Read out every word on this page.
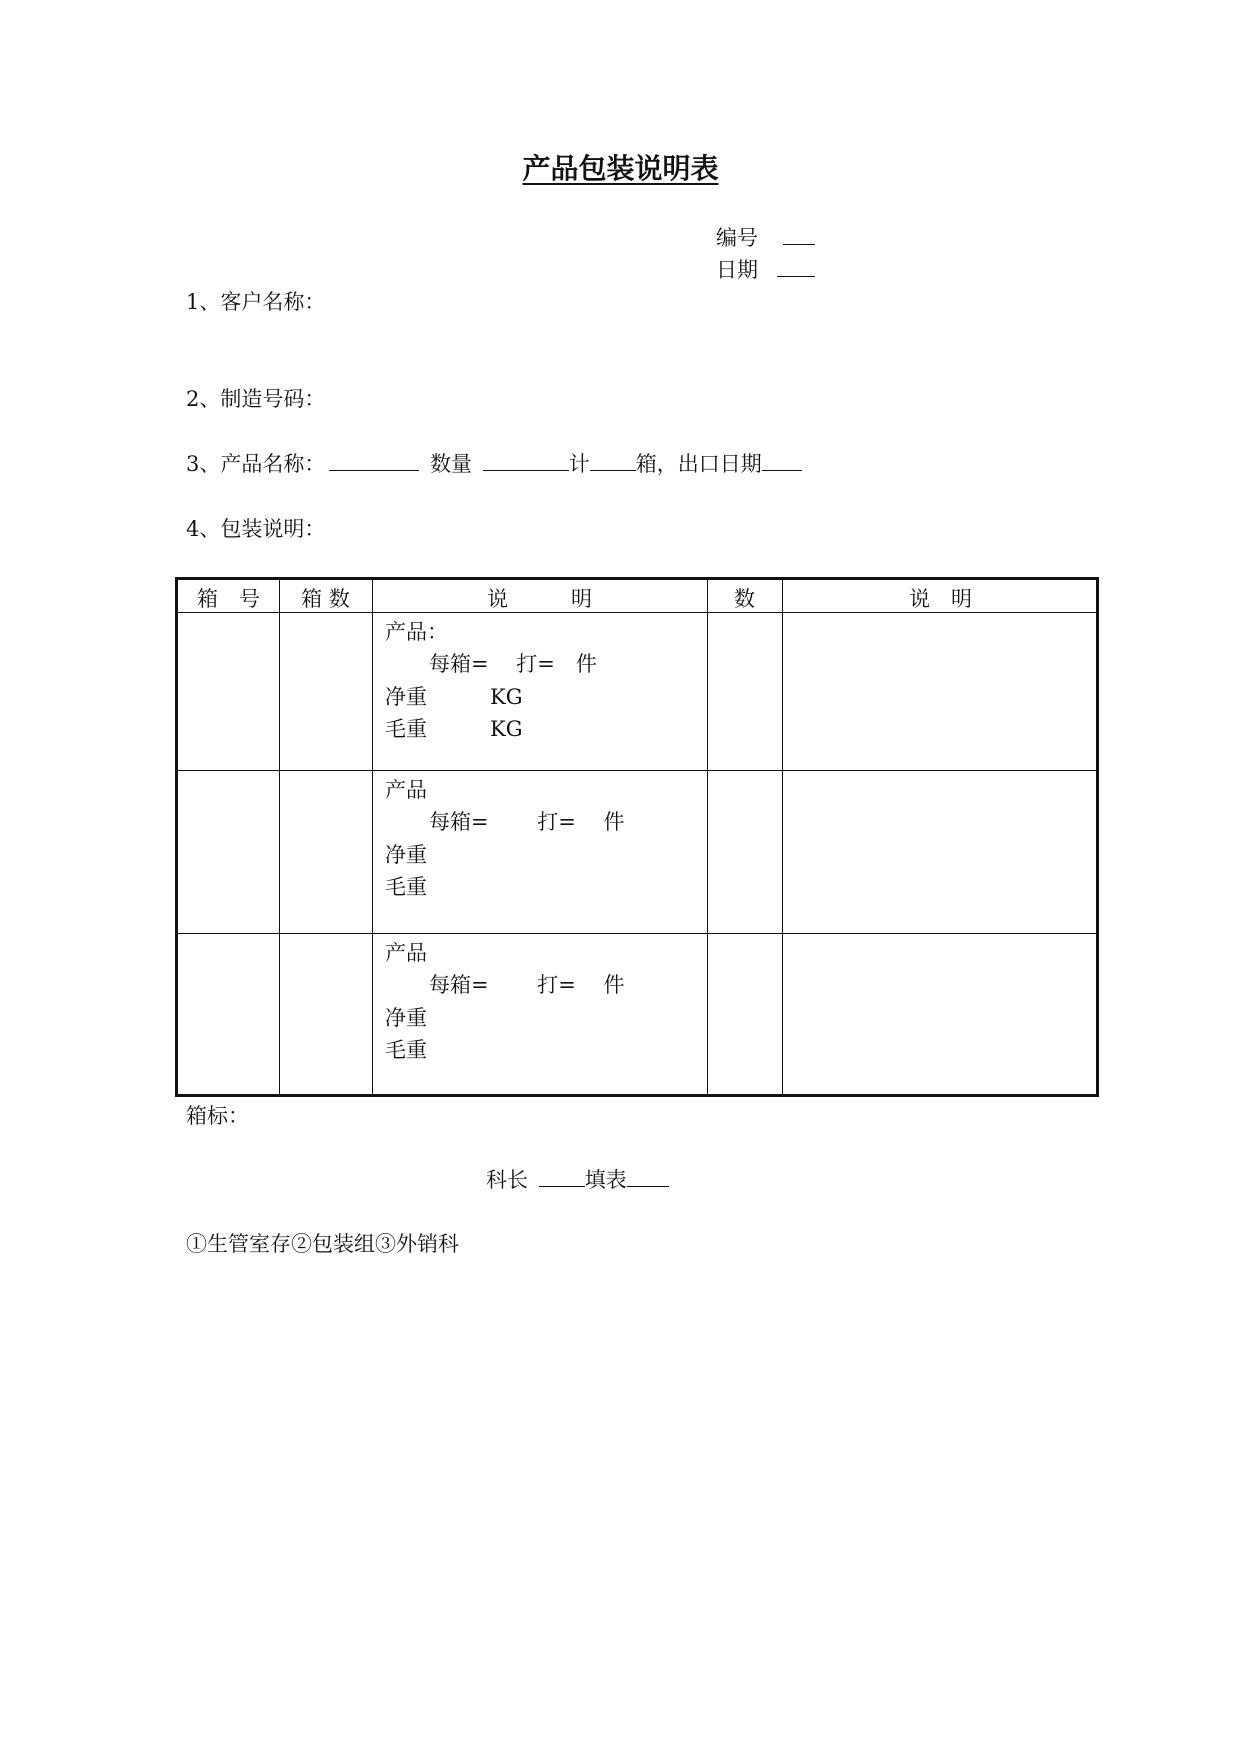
产品包装说明表
编号
日期
1、客户名称：
2、制造号码：
3、产品名称：	数量	计 箱，出口日期
4、包装说明：
箱　号	箱 数	说　　　明	数	说　明
产品：
每箱=　 打=　件
净重　　　KG
毛重　　　KG
产品
每箱=　　 打=　 件
净重
毛重
产品
每箱=　　 打=　 件
净重
毛重
箱标：
科长	填表
①生管室存②包装组③外销科
